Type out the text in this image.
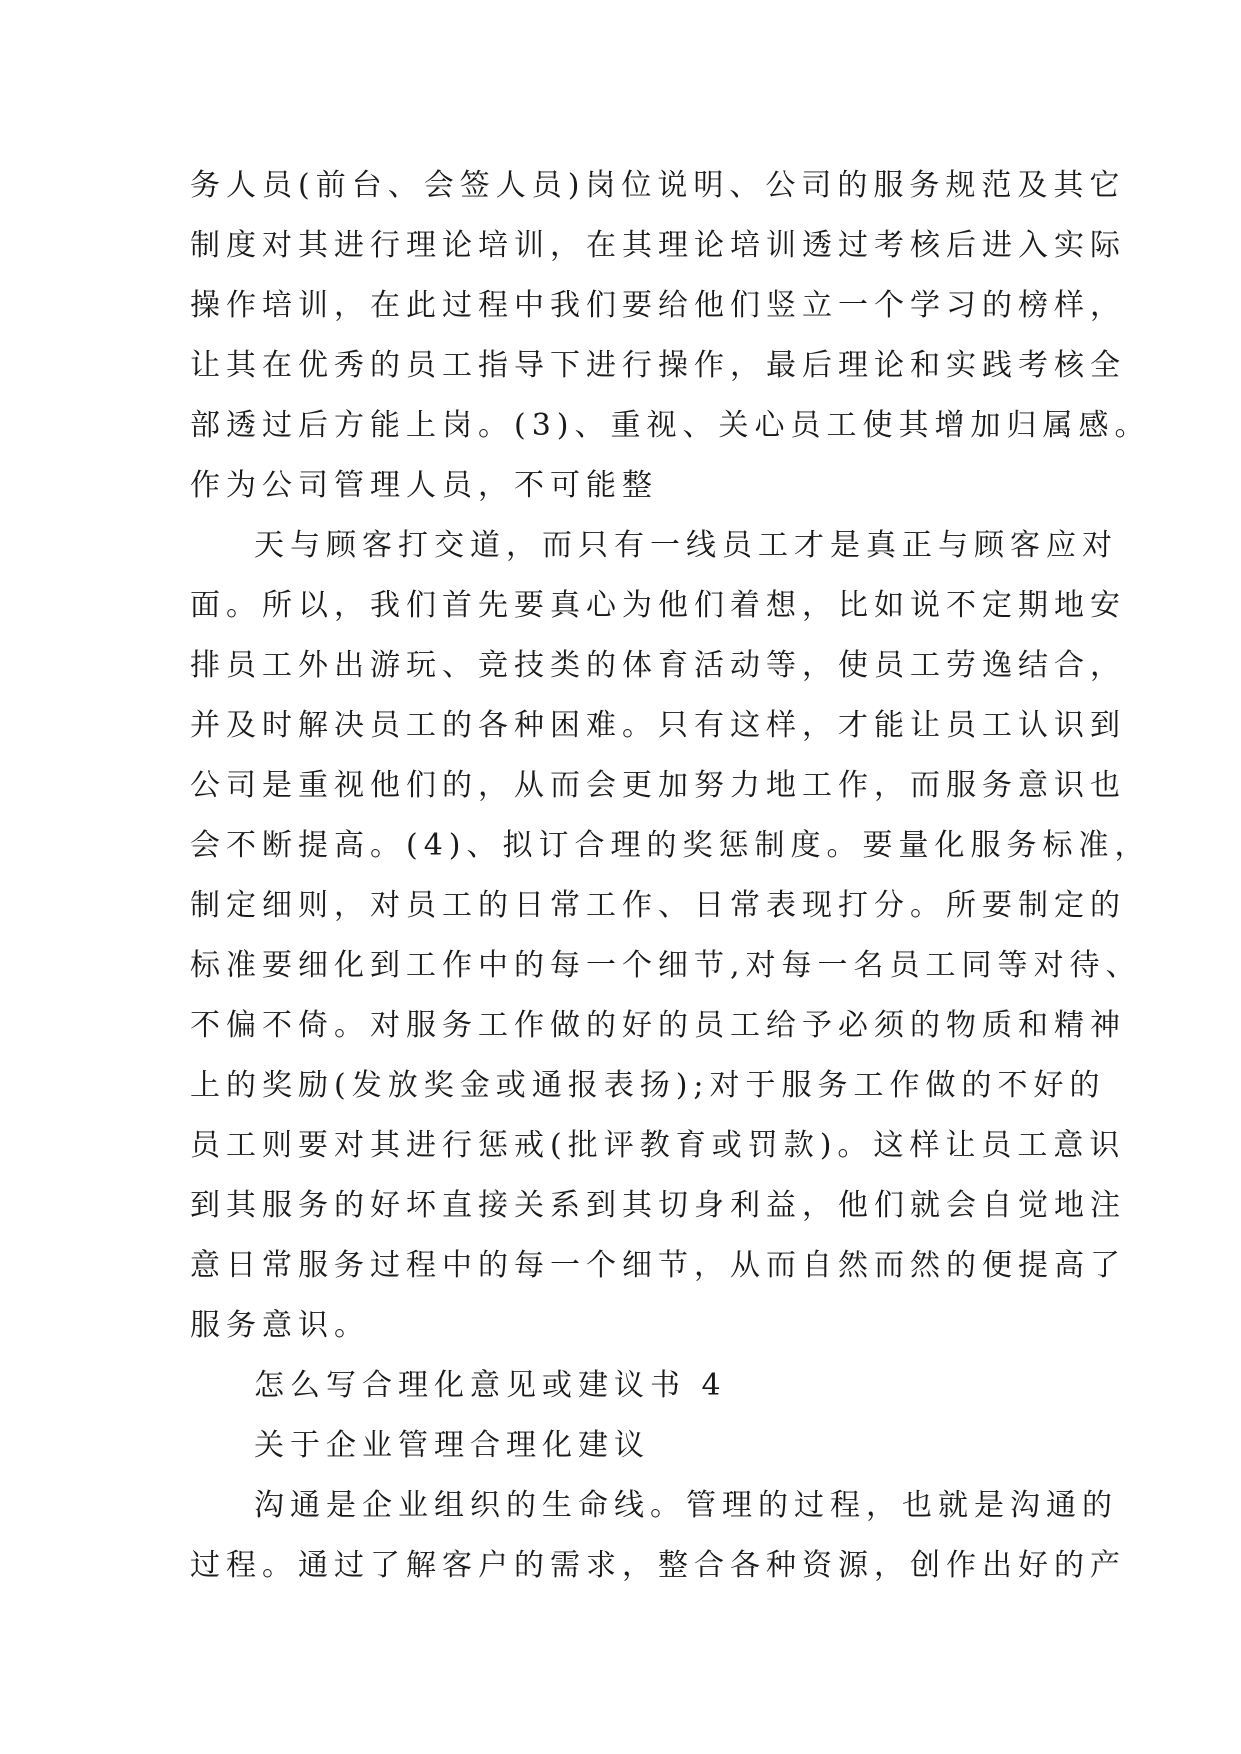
务人员(前台、会签人员)岗位说明、公司的服务规范及其它
制度对其进行理论培训，在其理论培训透过考核后进入实际
操作培训，在此过程中我们要给他们竖立一个学习的榜样，
让其在优秀的员工指导下进行操作，最后理论和实践考核全
部透过后方能上岗。(3)、重视、关心员工使其增加归属感。
作为公司管理人员，不可能整
天与顾客打交道，而只有一线员工才是真正与顾客应对
面。所以，我们首先要真心为他们着想，比如说不定期地安
排员工外出游玩、竞技类的体育活动等，使员工劳逸结合，
并及时解决员工的各种困难。只有这样，才能让员工认识到
公司是重视他们的，从而会更加努力地工作，而服务意识也
会不断提高。(4)、拟订合理的奖惩制度。要量化服务标准，
制定细则，对员工的日常工作、日常表现打分。所要制定的
标准要细化到工作中的每一个细节,对每一名员工同等对待、
不偏不倚。对服务工作做的好的员工给予必须的物质和精神
上的奖励(发放奖金或通报表扬);对于服务工作做的不好的
员工则要对其进行惩戒(批评教育或罚款)。这样让员工意识
到其服务的好坏直接关系到其切身利益，他们就会自觉地注
意日常服务过程中的每一个细节，从而自然而然的便提高了
服务意识。
怎么写合理化意见或建议书 4
关于企业管理合理化建议
沟通是企业组织的生命线。管理的过程，也就是沟通的
过程。通过了解客户的需求，整合各种资源，创作出好的产
